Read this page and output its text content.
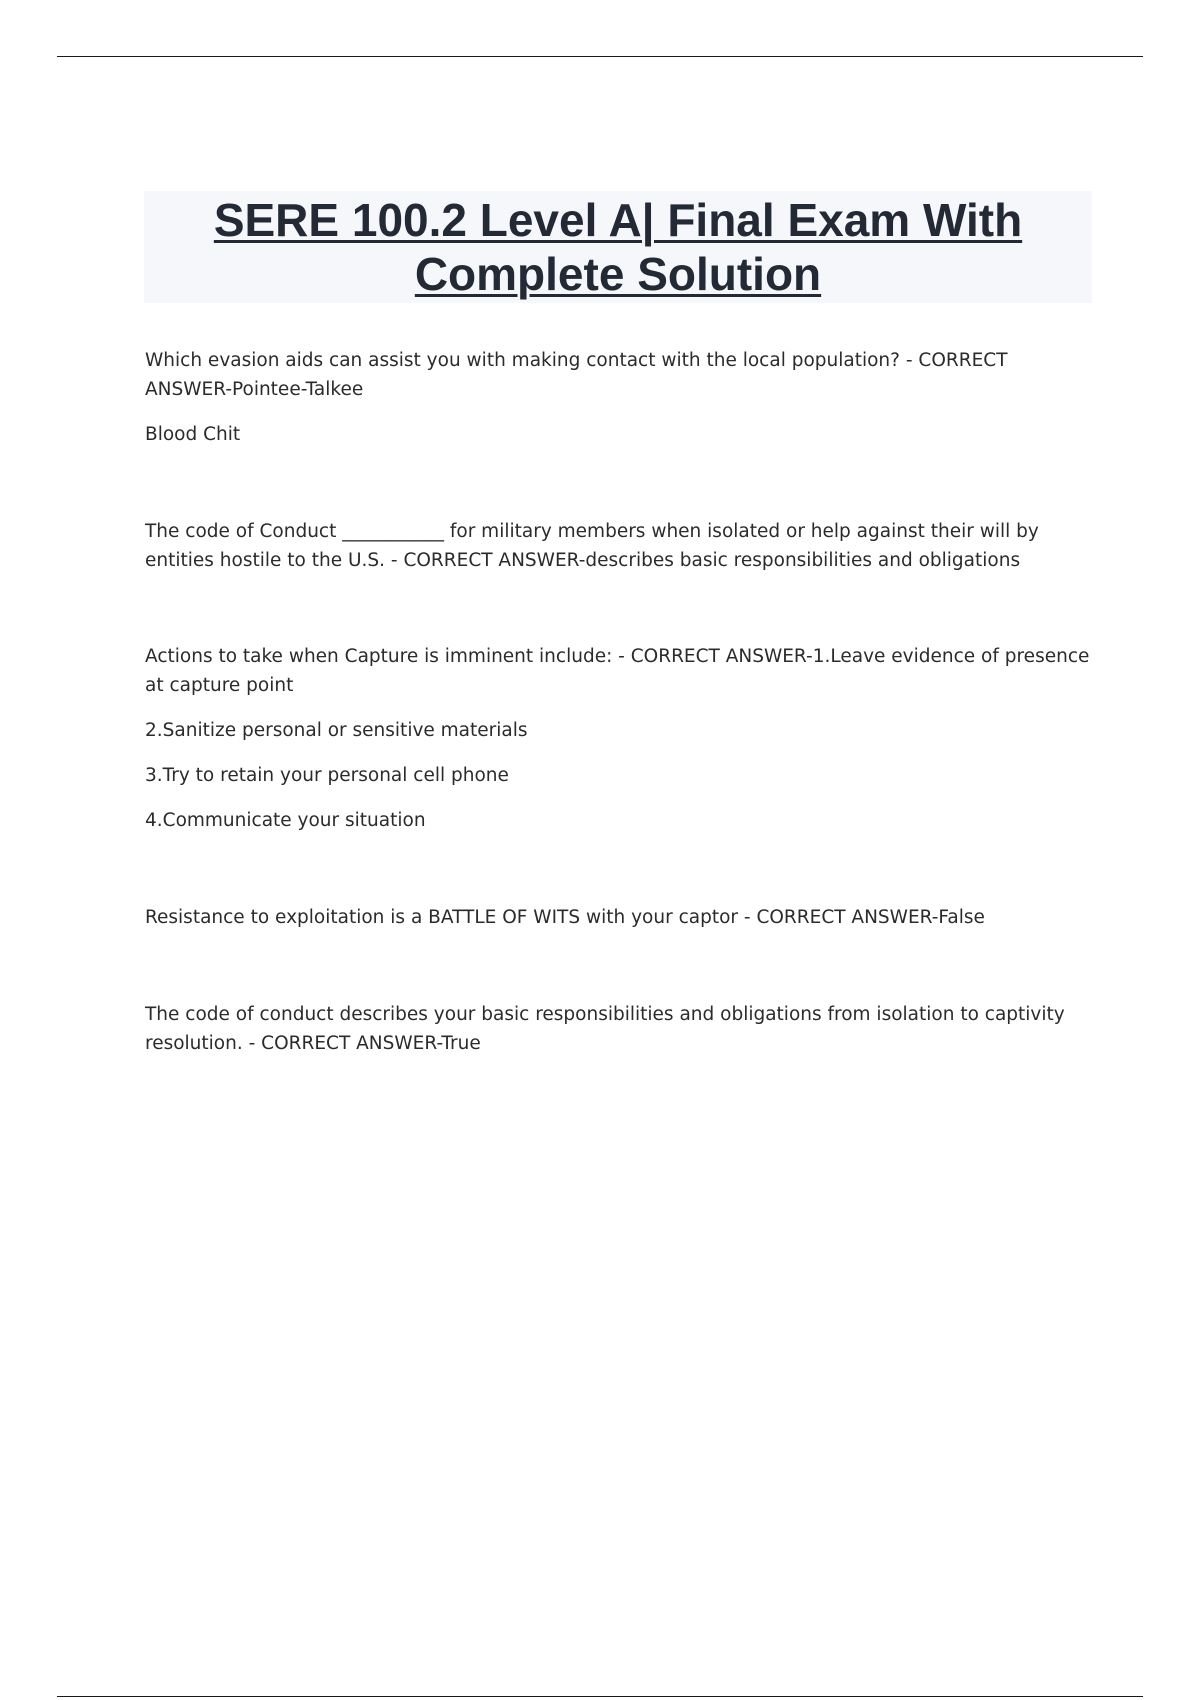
SERE 100.2 Level A| Final Exam With Complete Solution

Which evasion aids can assist you with making contact with the local population? - CORRECT ANSWER-Pointee-Talkee

Blood Chit

The code of Conduct ___________ for military members when isolated or help against their will by entities hostile to the U.S. - CORRECT ANSWER-describes basic responsibilities and obligations

Actions to take when Capture is imminent include: - CORRECT ANSWER-1.Leave evidence of presence at capture point

2.Sanitize personal or sensitive materials

3.Try to retain your personal cell phone

4.Communicate your situation

Resistance to exploitation is a BATTLE OF WITS with your captor - CORRECT ANSWER-False

The code of conduct describes your basic responsibilities and obligations from isolation to captivity resolution. - CORRECT ANSWER-True
